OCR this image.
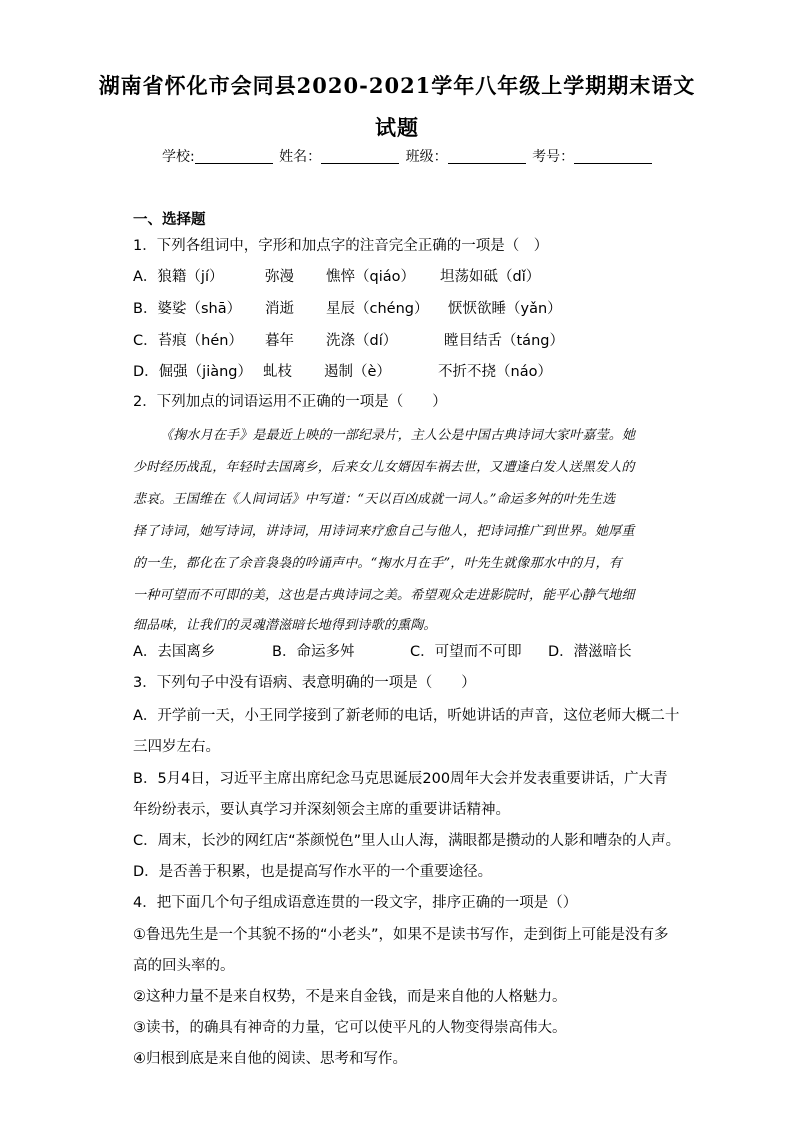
湖南省怀化市会同县2020-2021学年八年级上学期期末语文
试题
学校:	姓名：	班级：	考号：
一、选择题
1．下列各组词中，字形和加点字的注音完全正确的一项是（　）
A．狼籍（jí）	弥漫 憔悴（qiáo） 坦荡如砥（dǐ）
B．婆娑（shā） 消逝 星辰（chéng） 恹恹欲睡（yǎn）
C．苔痕（hén） 暮年 洗涤（dí）	瞠目结舌（táng）
D．倔强（jiàng） 虬枝 遏制（è）	不折不挠（náo）
2．下列加点的词语运用不正确的一项是（　　）
《掬水月在手》是最近上映的一部纪录片，主人公是中国古典诗词大家叶嘉莹。她
少时经历战乱，年轻时去国离乡，后来女儿女婿因车祸去世，又遭逢白发人送黑发人的
悲哀。王国维在《人间词话》中写道：“天以百凶成就一词人。”命运多舛的叶先生选
择了诗词，她写诗词，讲诗词，用诗词来疗愈自己与他人，把诗词推广到世界。她厚重
的一生，都化在了余音袅袅的吟诵声中。“掬水月在手”，叶先生就像那水中的月，有
一种可望而不可即的美，这也是古典诗词之美。希望观众走进影院时，能平心静气地细
细品味，让我们的灵魂潜滋暗长地得到诗歌的熏陶。
A．去国离乡	B．命运多舛	C．可望而不可即 D．潜滋暗长
3．下列句子中没有语病、表意明确的一项是（　　）
A．开学前一天，小王同学接到了新老师的电话，听她讲话的声音，这位老师大概二十
三四岁左右。
B．5月4日，习近平主席出席纪念马克思诞辰200周年大会并发表重要讲话，广大青
年纷纷表示，要认真学习并深刻领会主席的重要讲话精神。
C．周末，长沙的网红店“茶颜悦色”里人山人海，满眼都是攒动的人影和嘈杂的人声。
D．是否善于积累，也是提高写作水平的一个重要途径。
4．把下面几个句子组成语意连贯的一段文字，排序正确的一项是（）
①鲁迅先生是一个其貌不扬的“小老头”，如果不是读书写作，走到街上可能是没有多
高的回头率的。
②这种力量不是来自权势，不是来自金钱，而是来自他的人格魅力。
③读书，的确具有神奇的力量，它可以使平凡的人物变得崇高伟大。
④归根到底是来自他的阅读、思考和写作。
